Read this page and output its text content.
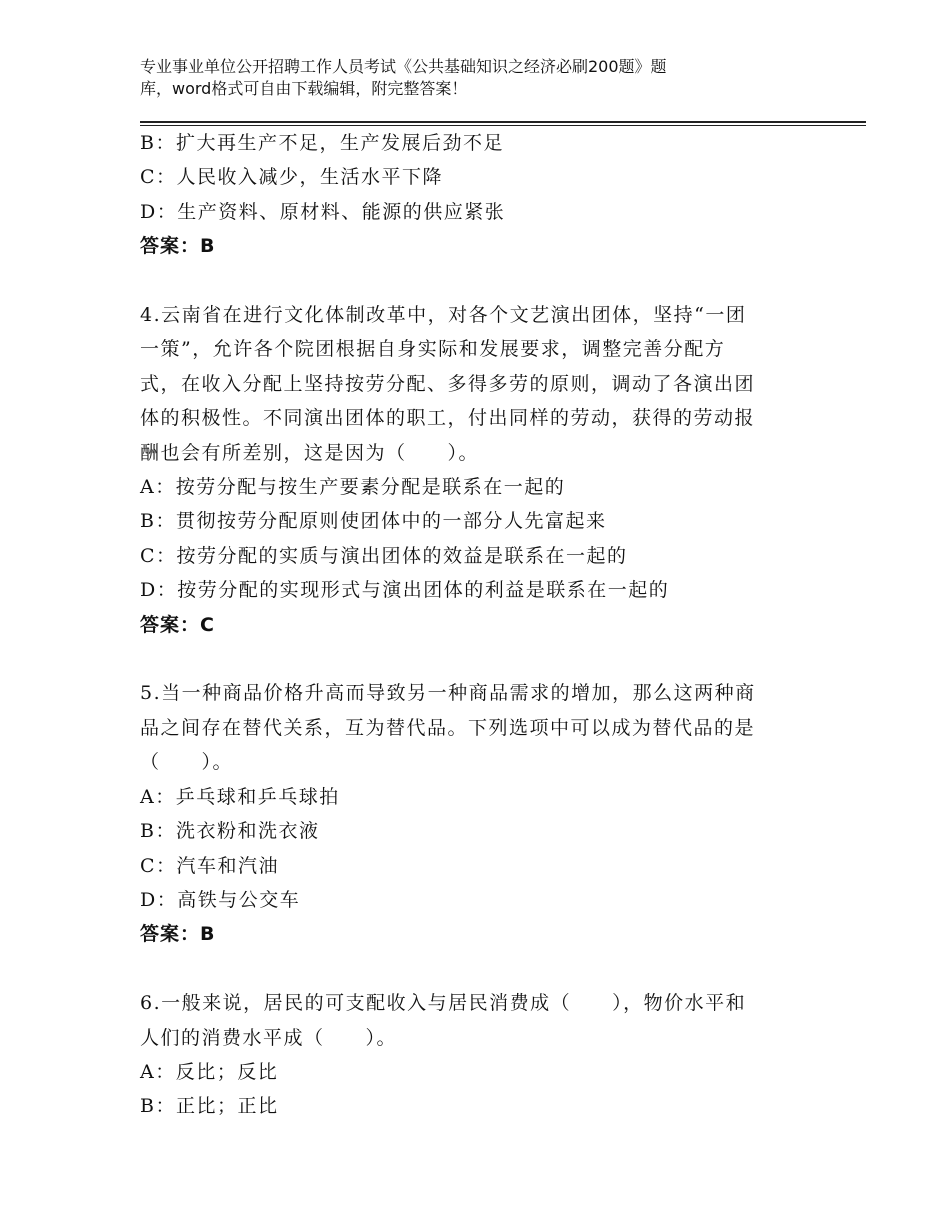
专业事业单位公开招聘工作人员考试《公共基础知识之经济必刷200题》题
库，word格式可自由下载编辑，附完整答案！
B：扩大再生产不足，生产发展后劲不足
C：人民收入减少，生活水平下降
D：生产资料、原材料、能源的供应紧张
答案：B
4.云南省在进行文化体制改革中，对各个文艺演出团体，坚持“一团
一策”，允许各个院团根据自身实际和发展要求，调整完善分配方
式，在收入分配上坚持按劳分配、多得多劳的原则，调动了各演出团
体的积极性。不同演出团体的职工，付出同样的劳动，获得的劳动报
酬也会有所差别，这是因为（　　）。
A：按劳分配与按生产要素分配是联系在一起的
B：贯彻按劳分配原则使团体中的一部分人先富起来
C：按劳分配的实质与演出团体的效益是联系在一起的
D：按劳分配的实现形式与演出团体的利益是联系在一起的
答案：C
5.当一种商品价格升高而导致另一种商品需求的增加，那么这两种商
品之间存在替代关系，互为替代品。下列选项中可以成为替代品的是
（　　）。
A：乒乓球和乒乓球拍
B：洗衣粉和洗衣液
C：汽车和汽油
D：高铁与公交车
答案：B
6.一般来说，居民的可支配收入与居民消费成（　　），物价水平和
人们的消费水平成（　　）。
A：反比；反比
B：正比；正比
